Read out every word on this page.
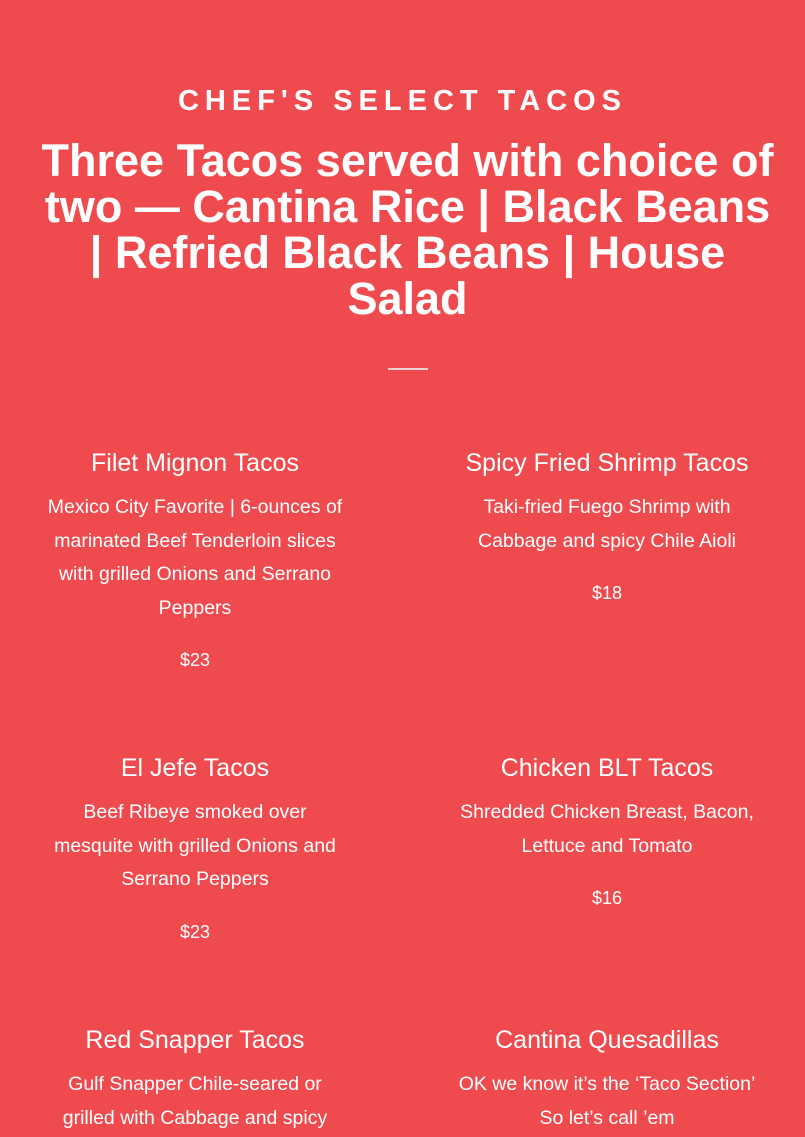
CHEF'S SELECT TACOS
Three Tacos served with choice of two — Cantina Rice | Black Beans | Refried Black Beans | House Salad
Filet Mignon Tacos

Mexico City Favorite | 6-ounces of marinated Beef Tenderloin slices with grilled Onions and Serrano Peppers

$23

Spicy Fried Shrimp Tacos

Taki-fried Fuego Shrimp with Cabbage and spicy Chile Aioli

$18

El Jefe Tacos

Beef Ribeye smoked over mesquite with grilled Onions and Serrano Peppers

$23

Chicken BLT Tacos

Shredded Chicken Breast, Bacon, Lettuce and Tomato

$16

Red Snapper Tacos

Gulf Snapper Chile-seared or grilled with Cabbage and spicy

Cantina Quesadillas

OK we know it’s the ‘Taco Section’ So let’s call ’em
